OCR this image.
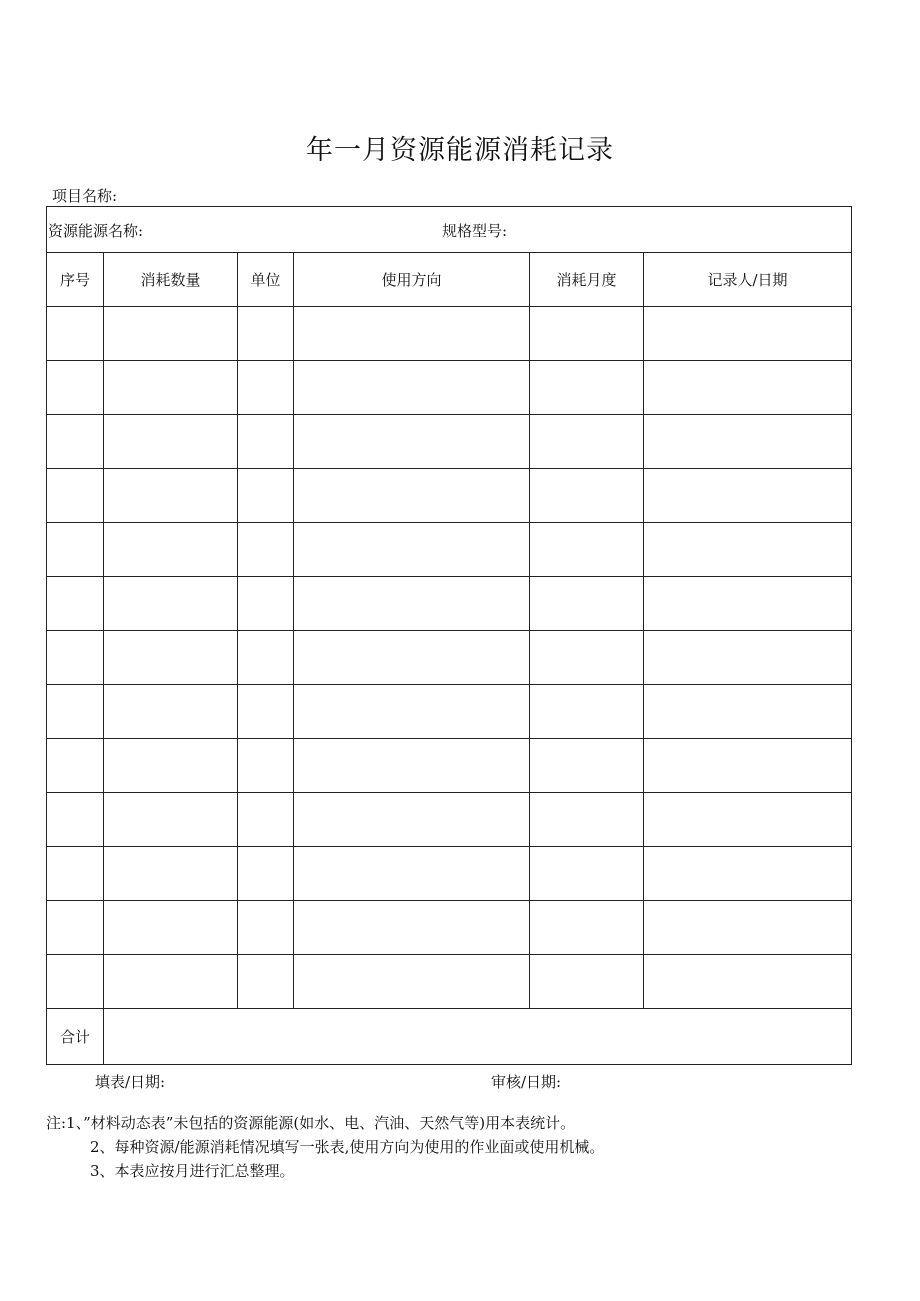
年一月资源能源消耗记录
项目名称:
资源能源名称: 规格型号:					

序号	消耗数量	单位	使用方向	消耗月度	记录人/日期

合计					
填表/日期:	审核/日期:
注:1、”材料动态表”未包括的资源能源(如水、电、汽油、天然气等)用本表统计。
2、每种资源/能源消耗情况填写一张表,使用方向为使用的作业面或使用机械。
3、本表应按月进行汇总整理。
